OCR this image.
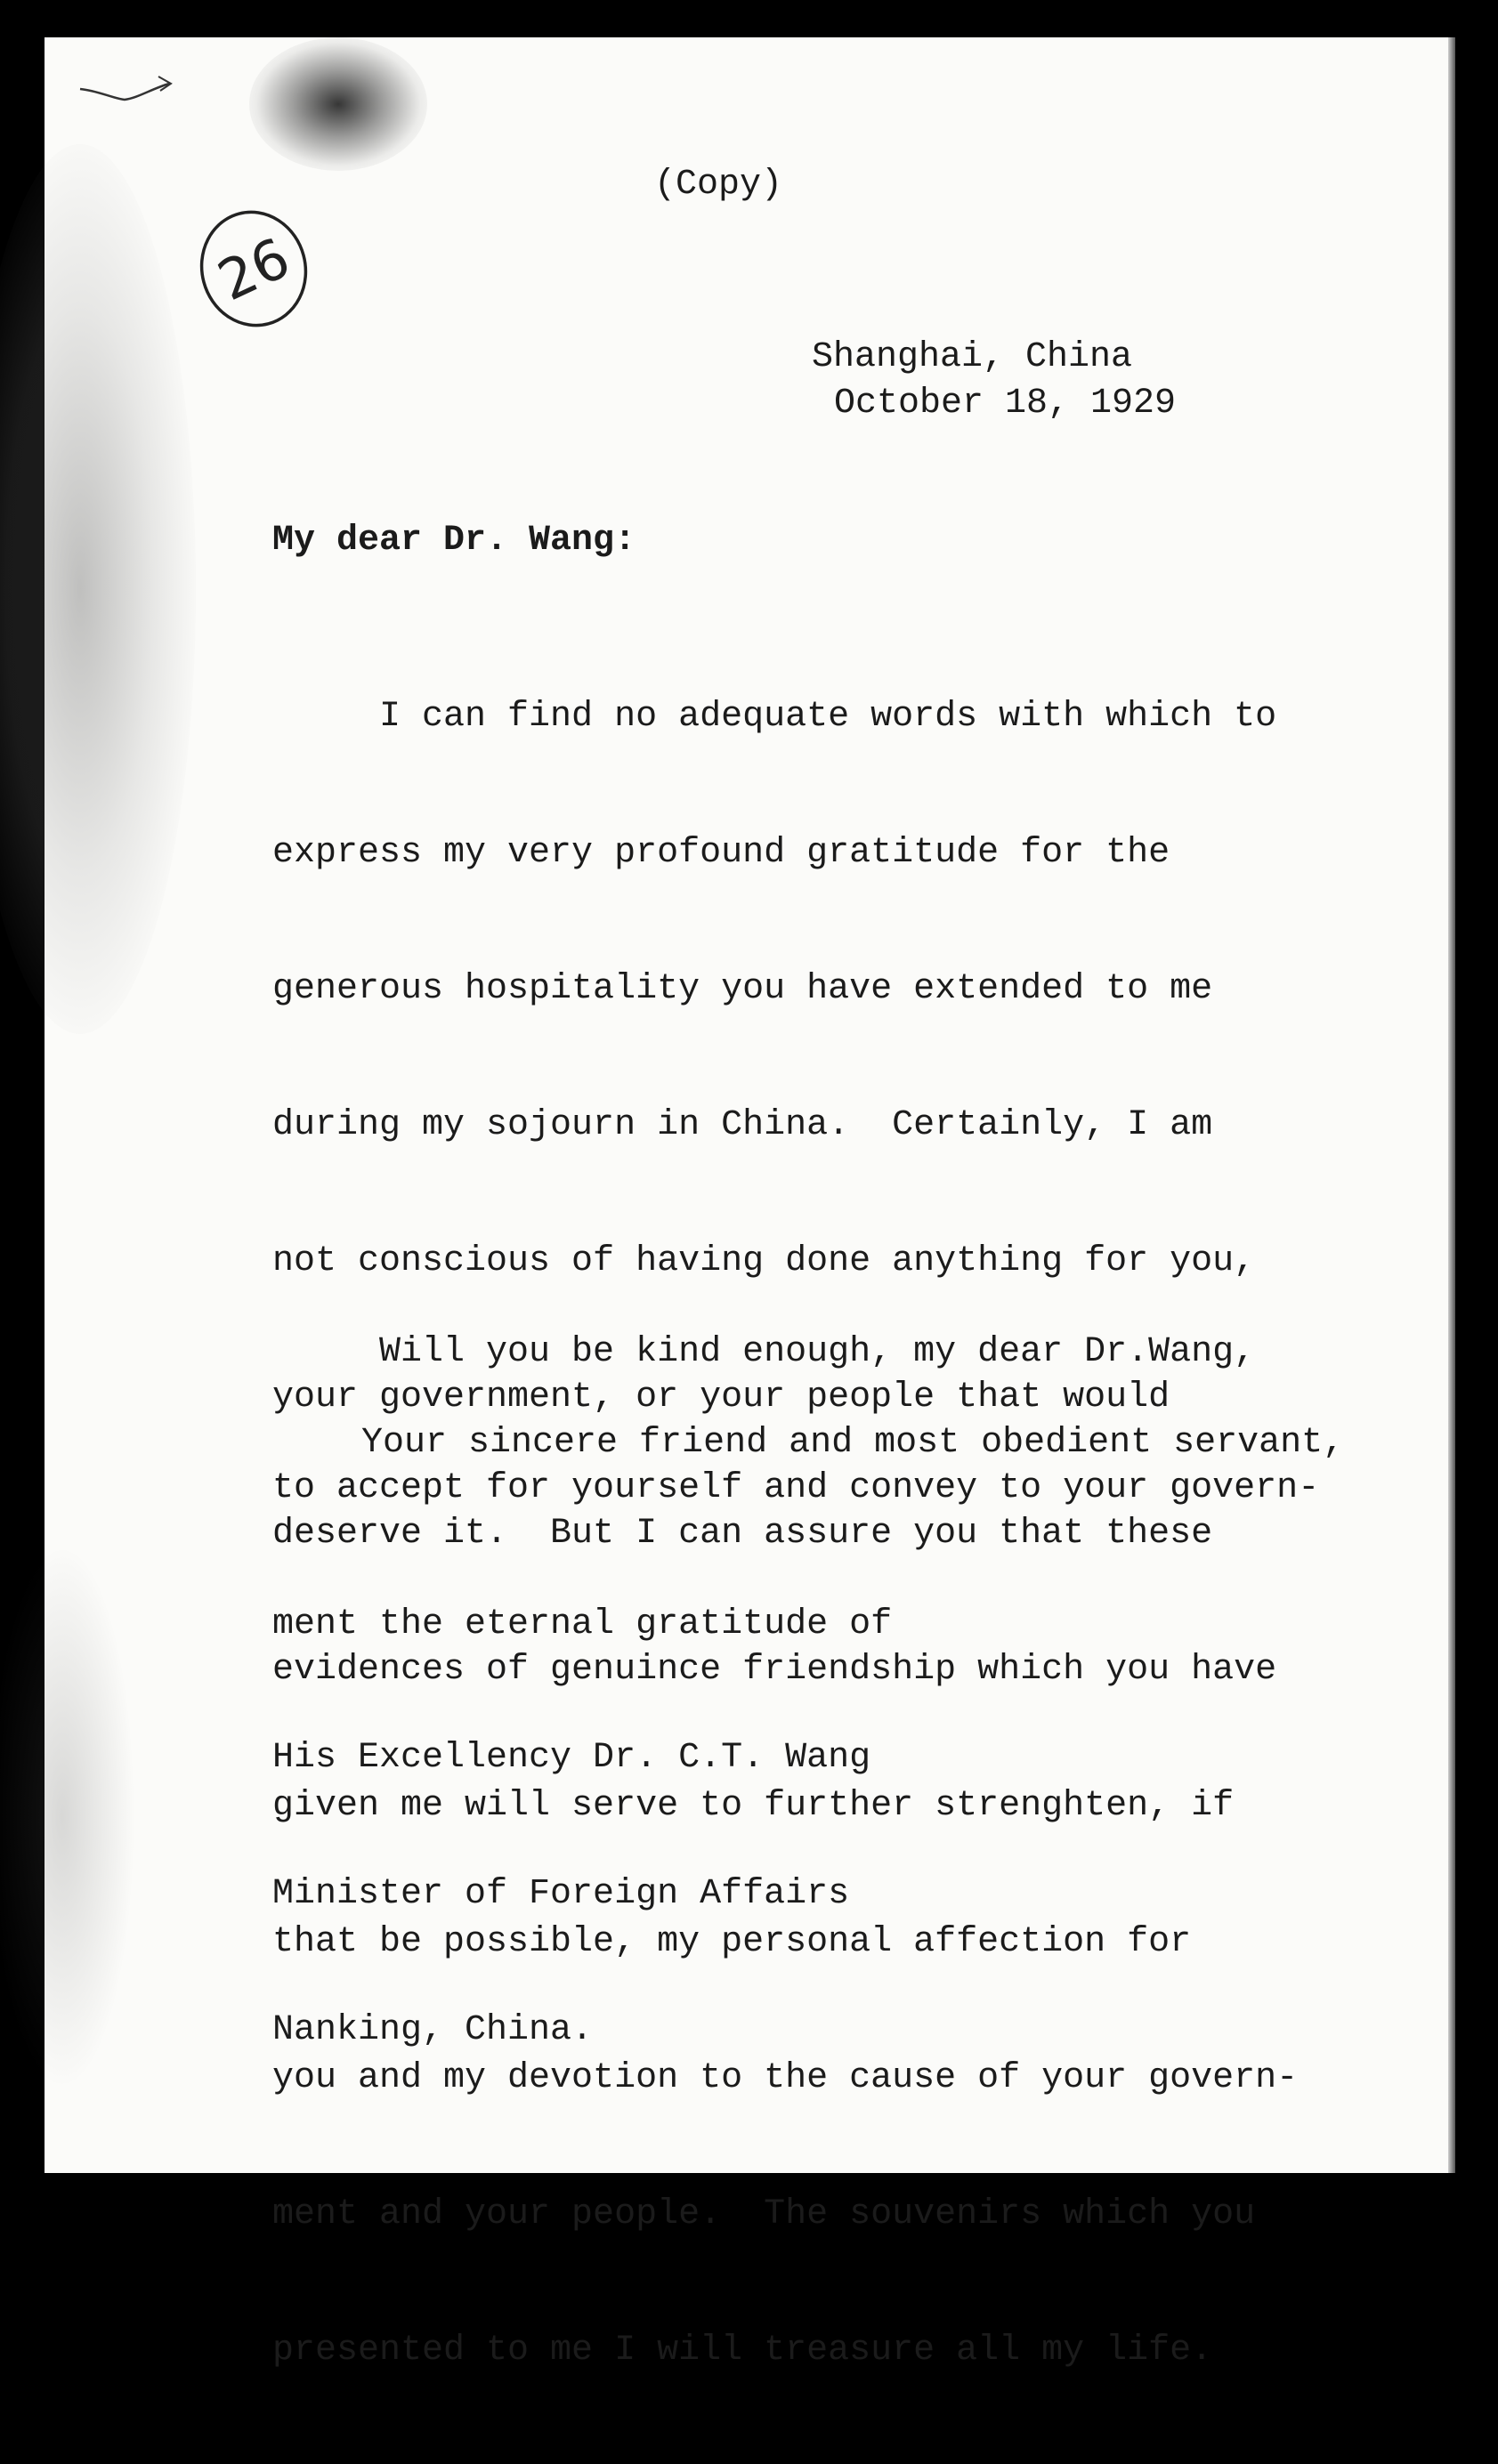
26

(Copy)

Shanghai, China

October 18, 1929

My dear Dr. Wang:

I can find no adequate words with which to

express my very profound gratitude for the

generous hospitality you have extended to me

during my sojourn in China.  Certainly, I am

not conscious of having done anything for you,

your government, or your people that would

deserve it.  But I can assure you that these

evidences of genuince friendship which you have

given me will serve to further strenghten, if

that be possible, my personal affection for

you and my devotion to the cause of your govern-

ment and your people.  The souvenirs which you

presented to me I will treasure all my life.

Will you be kind enough, my dear Dr.Wang,

to accept for yourself and convey to your govern-

ment the eternal gratitude of

Your sincere friend and most obedient servant,

His Excellency Dr. C.T. Wang

Minister of Foreign Affairs

Nanking, China.
